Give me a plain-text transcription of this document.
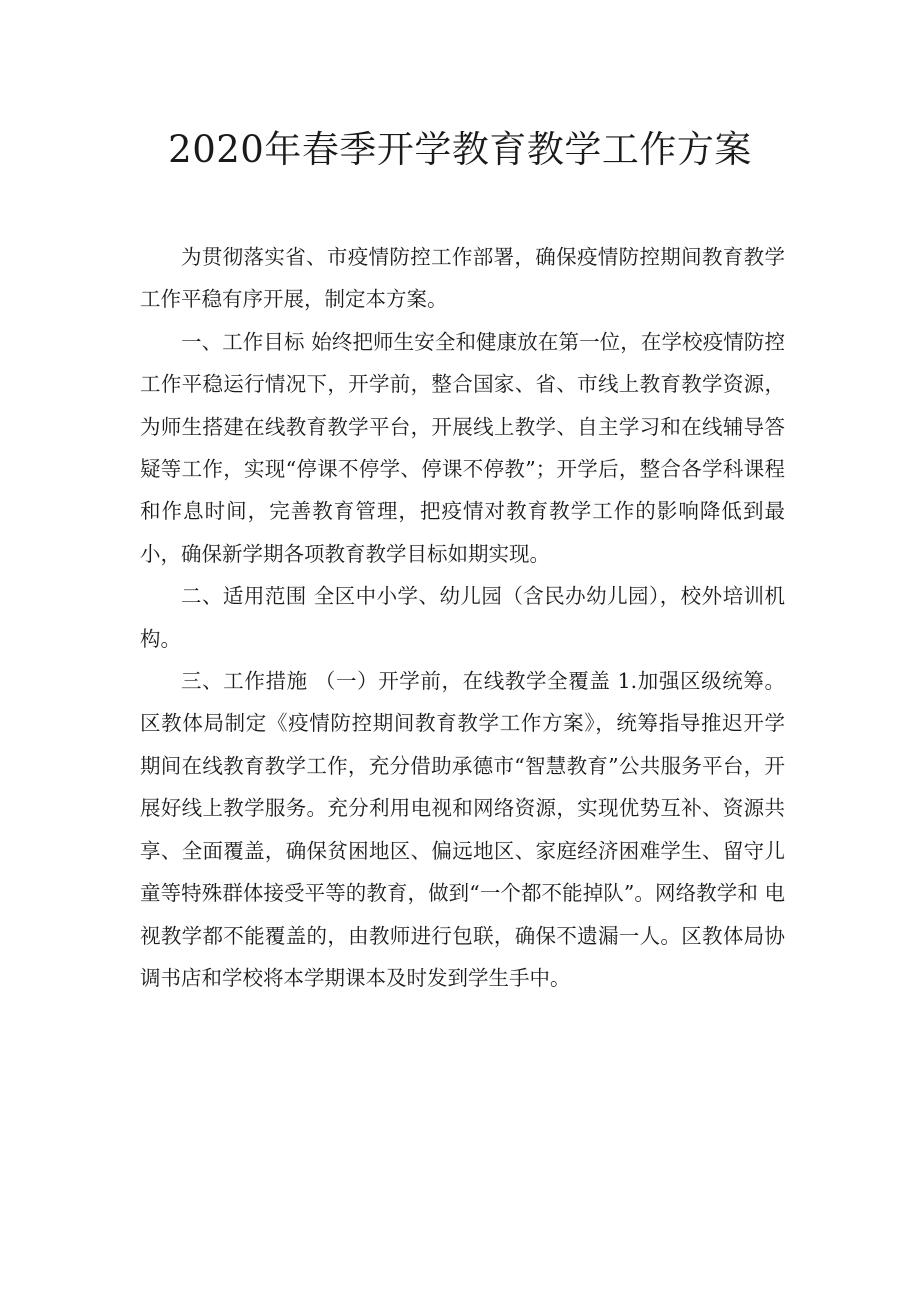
2020年春季开学教育教学工作方案

为贯彻落实省、市疫情防控工作部署，确保疫情防控期间教育教学工作平稳有序开展，制定本方案。

一、工作目标 始终把师生安全和健康放在第一位，在学校疫情防控工作平稳运行情况下，开学前，整合国家、省、市线上教育教学资源，为师生搭建在线教育教学平台，开展线上教学、自主学习和在线辅导答疑等工作，实现“停课不停学、停课不停教”；开学后，整合各学科课程和作息时间，完善教育管理，把疫情对教育教学工作的影响降低到最小，确保新学期各项教育教学目标如期实现。

二、适用范围 全区中小学、幼儿园（含民办幼儿园），校外培训机构。

三、工作措施 （一）开学前，在线教学全覆盖 1.加强区级统筹。区教体局制定《疫情防控期间教育教学工作方案》，统筹指导推迟开学期间在线教育教学工作，充分借助承德市“智慧教育”公共服务平台，开展好线上教学服务。充分利用电视和网络资源，实现优势互补、资源共享、全面覆盖，确保贫困地区、偏远地区、家庭经济困难学生、留守儿童等特殊群体接受平等的教育，做到“一个都不能掉队”。网络教学和 电视教学都不能覆盖的，由教师进行包联，确保不遗漏一人。区教体局协调书店和学校将本学期课本及时发到学生手中。
